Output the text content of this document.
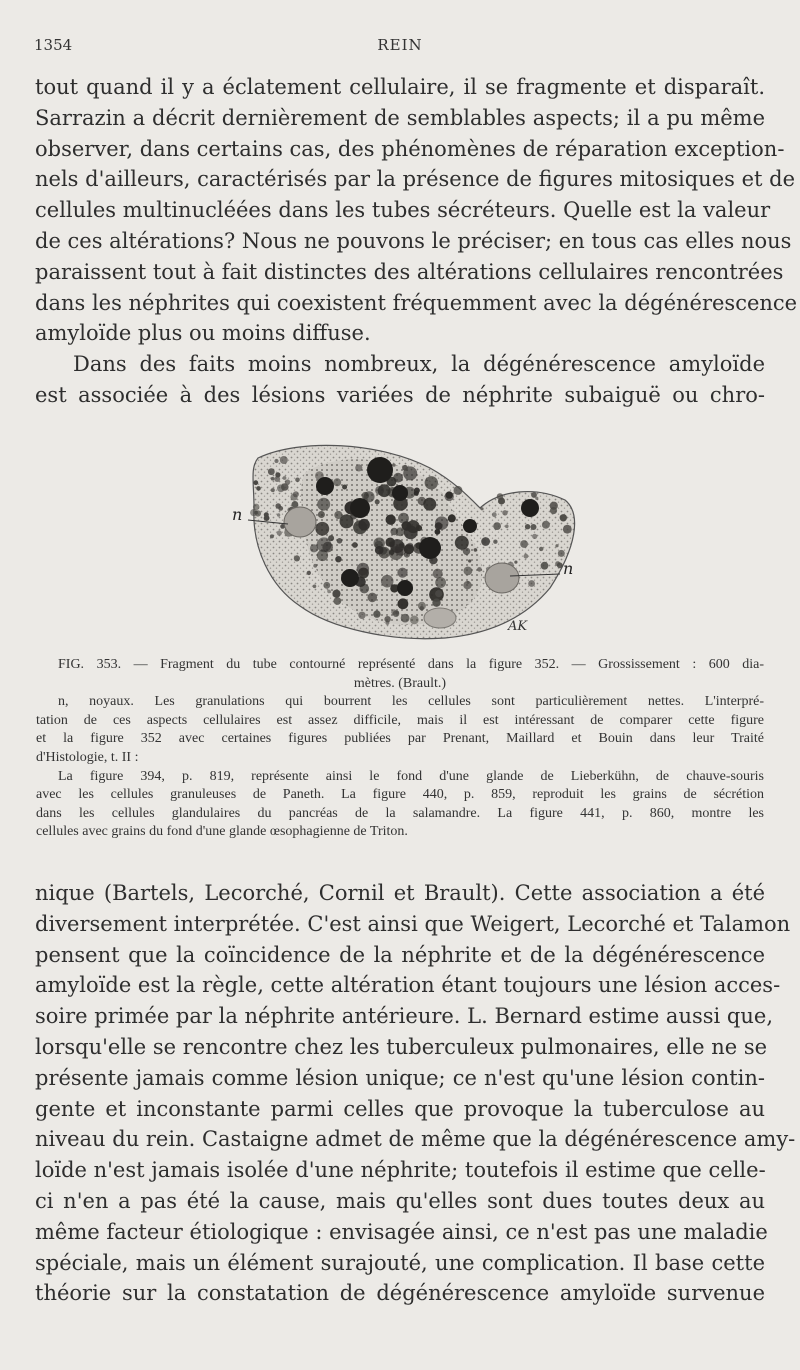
1354	REIN
tout quand il y a éclatement cellulaire, il se fragmente et disparaît.
Sarrazin a décrit dernièrement de semblables aspects; il a pu même
observer, dans certains cas, des phénomènes de réparation exception-
nels d'ailleurs, caractérisés par la présence de figures mitosiques et de
cellules multinucléées dans les tubes sécréteurs. Quelle est la valeur
de ces altérations? Nous ne pouvons le préciser; en tous cas elles nous
paraissent tout à fait distinctes des altérations cellulaires rencontrées
dans les néphrites qui coexistent fréquemment avec la dégénérescence
amyloïde plus ou moins diffuse.
Dans des faits moins nombreux, la dégénérescence amyloïde
est associée à des lésions variées de néphrite subaiguë ou chro-
n
n
AK
FIG. 353. — Fragment du tube contourné représenté dans la figure 352. — Grossissement : 600 dia-
mètres. (Brault.)
n, noyaux. Les granulations qui bourrent les cellules sont particulièrement nettes. L'interpré-
tation de ces aspects cellulaires est assez difficile, mais il est intéressant de comparer cette figure
et la figure 352 avec certaines figures publiées par Prenant, Maillard et Bouin dans leur Traité
d'Histologie, t. II :
La figure 394, p. 819, représente ainsi le fond d'une glande de Lieberkühn, de chauve-souris
avec les cellules granuleuses de Paneth. La figure 440, p. 859, reproduit les grains de sécrétion
dans les cellules glandulaires du pancréas de la salamandre. La figure 441, p. 860, montre les
cellules avec grains du fond d'une glande œsophagienne de Triton.
nique (Bartels, Lecorché, Cornil et Brault). Cette association a été
diversement interprétée. C'est ainsi que Weigert, Lecorché et Talamon
pensent que la coïncidence de la néphrite et de la dégénérescence
amyloïde est la règle, cette altération étant toujours une lésion acces-
soire primée par la néphrite antérieure. L. Bernard estime aussi que,
lorsqu'elle se rencontre chez les tuberculeux pulmonaires, elle ne se
présente jamais comme lésion unique; ce n'est qu'une lésion contin-
gente et inconstante parmi celles que provoque la tuberculose au
niveau du rein. Castaigne admet de même que la dégénérescence amy-
loïde n'est jamais isolée d'une néphrite; toutefois il estime que celle-
ci n'en a pas été la cause, mais qu'elles sont dues toutes deux au
même facteur étiologique : envisagée ainsi, ce n'est pas une maladie
spéciale, mais un élément surajouté, une complication. Il base cette
théorie sur la constatation de dégénérescence amyloïde survenue
